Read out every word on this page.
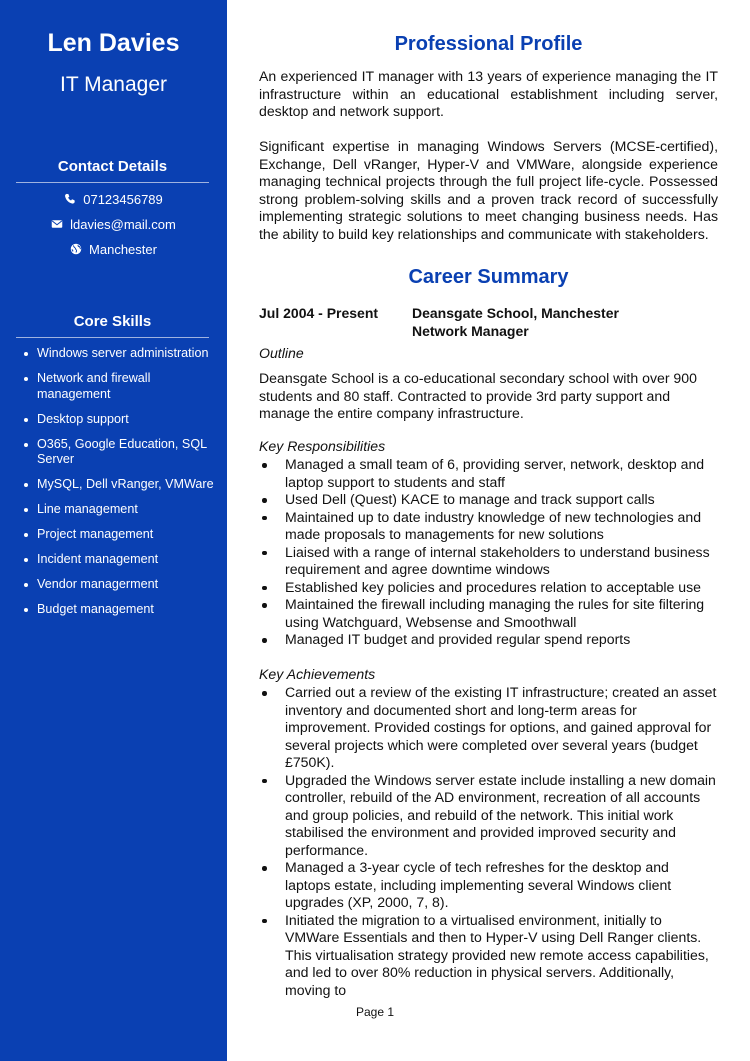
Len Davies
IT Manager
Contact Details
07123456789
ldavies@mail.com
Manchester
Core Skills
Windows server administration
Network and firewall management
Desktop support
O365, Google Education, SQL Server
MySQL, Dell vRanger, VMWare
Line management
Project management
Incident management
Vendor managerment
Budget management
Professional Profile
An experienced IT manager with 13 years of experience managing the IT infrastructure within an educational establishment including server, desktop and network support.
Significant expertise in managing Windows Servers (MCSE-certified), Exchange, Dell vRanger, Hyper-V and VMWare, alongside experience managing technical projects through the full project life-cycle. Possessed strong problem-solving skills and a proven track record of successfully implementing strategic solutions to meet changing business needs. Has the ability to build key relationships and communicate with stakeholders.
Career Summary
Jul 2004 - Present Deansgate School, Manchester
Network Manager
Outline
Deansgate School is a co-educational secondary school with over 900 students and 80 staff. Contracted to provide 3rd party support and manage the entire company infrastructure.
Key Responsibilities
Managed a small team of 6, providing server, network, desktop and laptop support to students and staff
Used Dell (Quest) KACE to manage and track support calls
Maintained up to date industry knowledge of new technologies and made proposals to managements for new solutions
Liaised with a range of internal stakeholders to understand business requirement and agree downtime windows
Established key policies and procedures relation to acceptable use
Maintained the firewall including managing the rules for site filtering using Watchguard, Websense and Smoothwall
Managed IT budget and provided regular spend reports
Key Achievements
Carried out a review of the existing IT infrastructure; created an asset inventory and documented short and long-term areas for improvement. Provided costings for options, and gained approval for several projects which were completed over several years (budget £750K).
Upgraded the Windows server estate include installing a new domain controller, rebuild of the AD environment, recreation of all accounts and group policies, and rebuild of the network. This initial work stabilised the environment and provided improved security and performance.
Managed a 3-year cycle of tech refreshes for the desktop and laptops estate, including implementing several Windows client upgrades (XP, 2000, 7, 8).
Initiated the migration to a virtualised environment, initially to VMWare Essentials and then to Hyper-V using Dell Ranger clients. This virtualisation strategy provided new remote access capabilities, and led to over 80% reduction in physical servers. Additionally, moving to
Page 1
